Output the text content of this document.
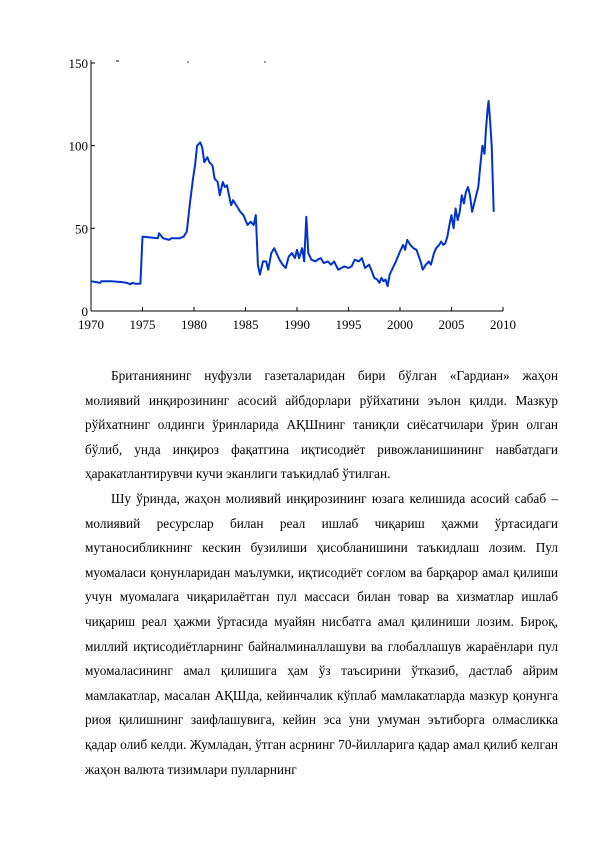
1970 1975 1980 1985 1990 1995 2000 2005 2010
0
50
100
150

Британиянинг нуфузли газеталаридан бири бўлган «Гардиан» жаҳон молиявий инқирозининг асосий айбдорлари рўйхатини эълон қилди. Мазкур рўйхатнинг олдинги ўринларида АҚШнинг таниқли сиёсатчилари ўрин олган бўлиб, унда инқироз фақатгина иқтисодиёт ривожланишининг навбатдаги ҳаракатлантирувчи кучи эканлиги таъкидлаб ўтилган.

Шу ўринда, жаҳон молиявий инқирозининг юзага келишида асосий сабаб – молиявий ресурслар билан реал ишлаб чиқариш ҳажми ўртасидаги мутаносибликнинг кескин бузилиши ҳисобланишини таъкидлаш лозим. Пул муомаласи қонунларидан маълумки, иқтисодиёт соғлом ва барқарор амал қилиши учун муомалага чиқарилаётган пул массаси билан товар ва хизматлар ишлаб чиқариш реал ҳажми ўртасида муайян нисбатга амал қилиниши лозим. Бироқ, миллий иқтисодиётларнинг байналминаллашуви ва глобаллашув жараёнлари пул муомаласининг амал қилишига ҳам ўз таъсирини ўтказиб, дастлаб айрим мамлакатлар, масалан АҚШда, кейинчалик кўплаб мамлакатларда мазкур қонунга риоя қилишнинг заифлашувига, кейин эса уни умуман эътиборга олмасликка қадар олиб келди. Жумладан, ўтган асрнинг 70-йилларига қадар амал қилиб келган жаҳон валюта тизимлари пулларнинг
